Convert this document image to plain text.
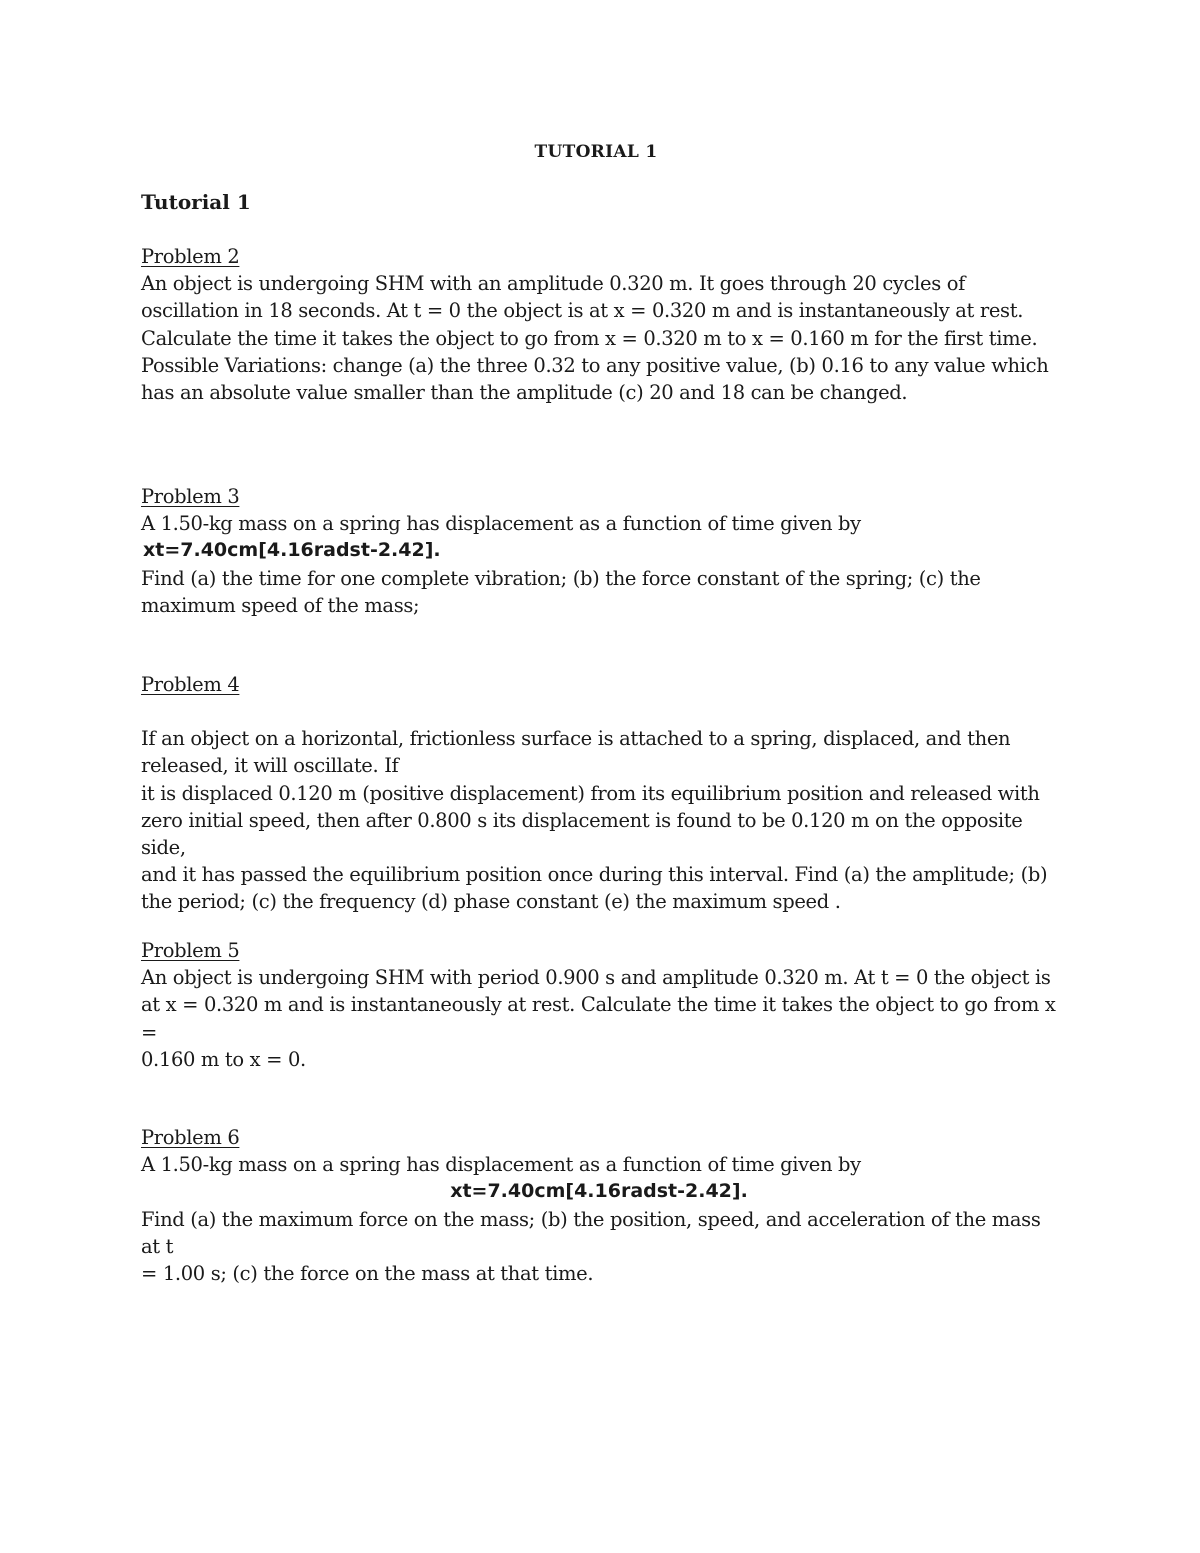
TUTORIAL 1
Tutorial 1

Problem 2

An object is undergoing SHM with an amplitude 0.320 m. It goes through 20 cycles of

oscillation in 18 seconds. At t = 0 the object is at x = 0.320 m and is instantaneously at rest.

Calculate the time it takes the object to go from x = 0.320 m to x = 0.160 m for the first time.

Possible Variations: change (a) the three 0.32 to any positive value, (b) 0.16 to any value which

has an absolute value smaller than the amplitude (c) 20 and 18 can be changed.

Problem 3

A 1.50-kg mass on a spring has displacement as a function of time given by

xt=7.40cm[4.16radst-2.42].

Find (a) the time for one complete vibration; (b) the force constant of the spring; (c) the

maximum speed of the mass;

Problem 4

If an object on a horizontal, frictionless surface is attached to a spring, displaced, and then

released, it will oscillate. If

it is displaced 0.120 m (positive displacement) from its equilibrium position and released with

zero initial speed, then after 0.800 s its displacement is found to be 0.120 m on the opposite side,

and it has passed the equilibrium position once during this interval. Find (a) the amplitude; (b)

the period; (c) the frequency (d) phase constant (e) the maximum speed .

Problem 5

An object is undergoing SHM with period 0.900 s and amplitude 0.320 m. At t = 0 the object is

at x = 0.320 m and is instantaneously at rest. Calculate the time it takes the object to go from x =

0.160 m to x = 0.

Problem 6

A 1.50-kg mass on a spring has displacement as a function of time given by

xt=7.40cm[4.16radst-2.42].

Find (a) the maximum force on the mass; (b) the position, speed, and acceleration of the mass at t

= 1.00 s; (c) the force on the mass at that time.
